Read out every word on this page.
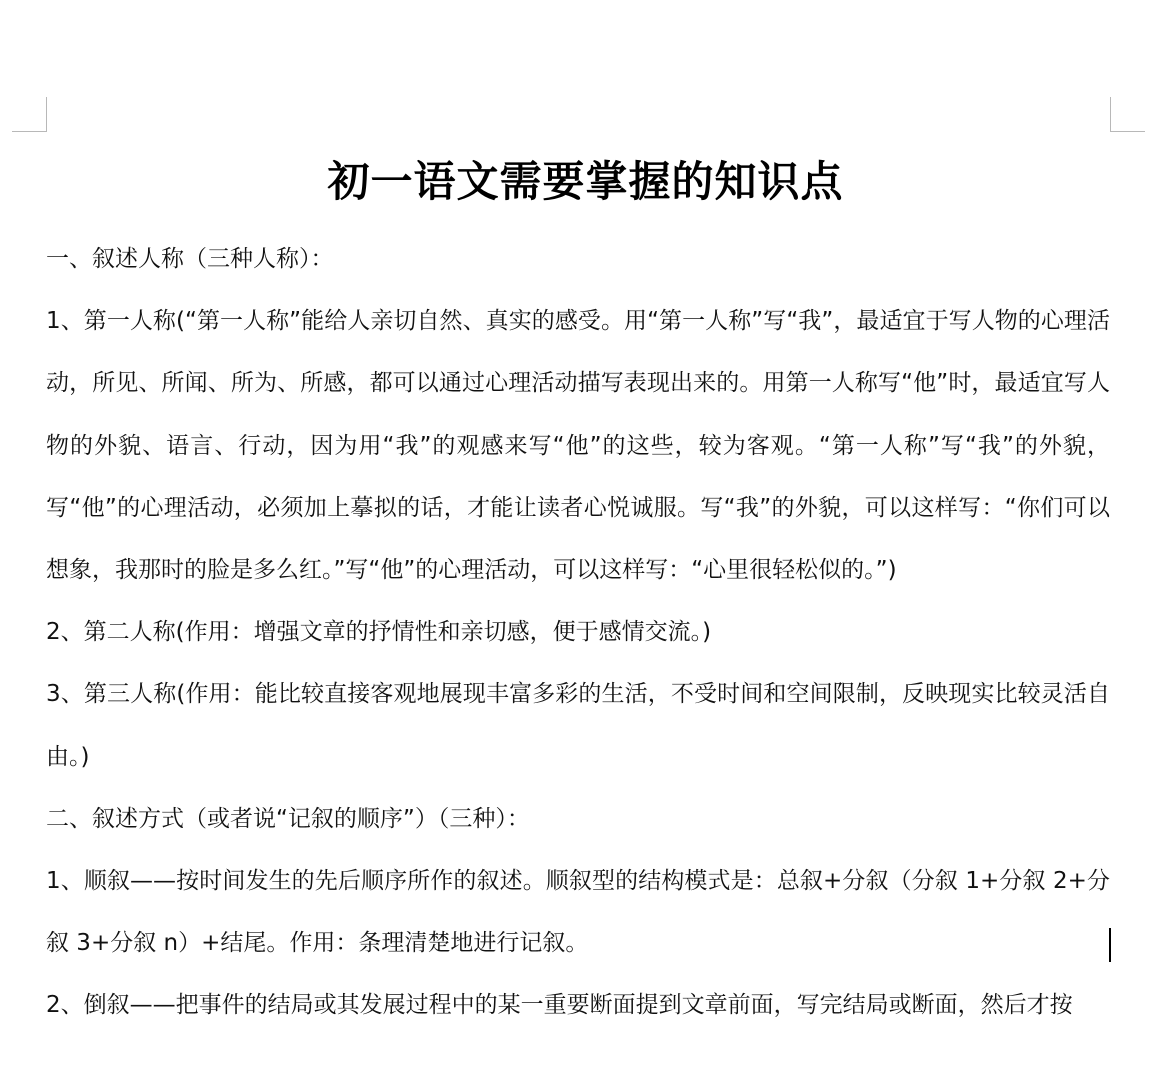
初一语文需要掌握的知识点

一、叙述人称（三种人称）：

1、第一人称(“第一人称”能给人亲切自然、真实的感受。用“第一人称”写“我”，最适宜于写人物的心理活动，所见、所闻、所为、所感，都可以通过心理活动描写表现出来的。用第一人称写“他”时，最适宜写人物的外貌、语言、行动，因为用“我”的观感来写“他”的这些，较为客观。“第一人称”写“我”的外貌，写“他”的心理活动，必须加上摹拟的话，才能让读者心悦诚服。写“我”的外貌，可以这样写：“你们可以想象，我那时的脸是多么红。”写“他”的心理活动，可以这样写：“心里很轻松似的。”)

2、第二人称(作用：增强文章的抒情性和亲切感，便于感情交流。)

3、第三人称(作用：能比较直接客观地展现丰富多彩的生活，不受时间和空间限制，反映现实比较灵活自由。)

二、叙述方式（或者说“记叙的顺序”）（三种）：

1、顺叙——按时间发生的先后顺序所作的叙述。顺叙型的结构模式是：总叙+分叙（分叙 1+分叙 2+分叙 3+分叙 n）+结尾。作用：条理清楚地进行记叙。

2、倒叙——把事件的结局或其发展过程中的某一重要断面提到文章前面，写完结局或断面，然后才按
